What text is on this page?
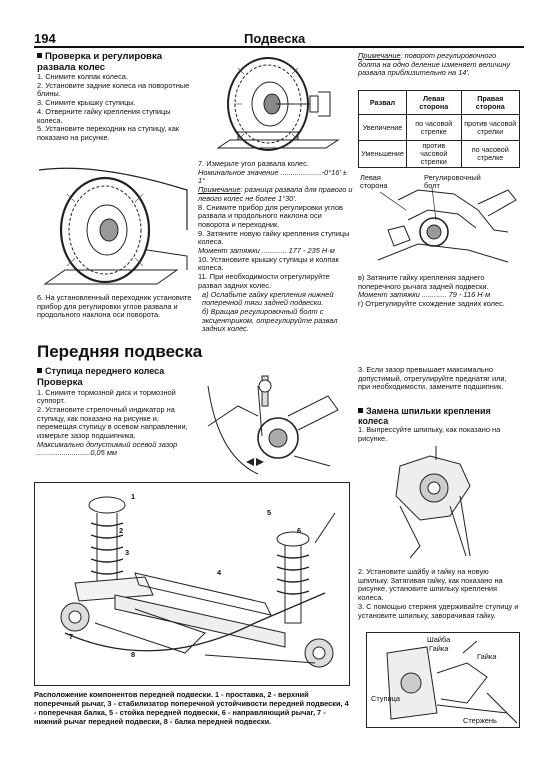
194	Подвеска
Проверка и регулировка развала колес
1. Снимите колпак колеса.
2. Установите задние колеса на поворотные блины.
3. Снимите крышку ступицы.
4. Отверните гайку крепления ступицы колеса.
5. Установите переходник на ступицу, как показано на рисунке.
6. На установленный переходник установите прибор для регулировки углов развала и продольного наклона оси поворота.
7. Измерьте угол развала колес.
Номинальное значение ....................-0°16' ± 1°
Примечание: разница развала для правого и левого колес не более 1°30'.
8. Снимите прибор для регулировки углов развала и продольного наклона оси поворота и переходник.
9. Затяните новую гайку крепления ступицы колеса.
Момент затяжки ............ 177 - 235 Н·м
10. Установите крышку ступицы и колпак колеса.
11. При необходимости отрегулируйте развал задних колес.
а) Ослабьте гайку крепления нижней поперечной тяги задней подвески.
б) Вращая регулировочный болт с эксцентриком, отрегулируйте развал задних колес.
Примечание: поворот регулировочного болта на одно деление изменяет величину развала приблизительно на 14'.
Развал	Левая сторона	Правая сторона
Увеличение	по часовой стрелке	против часовой стрелки
Уменьшение	против часовой стрелки	по часовой стрелке
Левая сторона
Регулировочный болт
в) Затяните гайку крепления заднего поперечного рычага задней подвески.
Момент затяжки ............ 79 - 116 Н·м
г) Отрегулируйте схождение задних колес.
Передняя подвеска
Ступица переднего колеса
Проверка
1. Снимите тормозной диск и тормозной суппорт.
2. Установите стрелочный индикатор на ступицу, как показано на рисунке и, перемещая ступицу в осевом направлении, измерьте зазор подшипника.
Максимально допустимый осевой зазор ..........................0,05 мм
3. Если зазор превышает максимально допустимый, отрегулируйте преднатяг или, при необходимости, замените подшипник.
Замена шпильки крепления колеса
1. Выпрессуйте шпильку, как показано на рисунке.
2. Установите шайбу и гайку на новую шпильку. Затягивая гайку, как показано на рисунке, установите шпильку крепления колеса.
3. С помощью стержня удерживайте ступицу и установите шпильку, заворачивая гайку.
Шайба
Гайка
Гайка
Ступица
Стержень
1
2
3
4
5
6
7
8
Расположение компонентов передней подвески. 1 - проставка, 2 - верхний поперечный рычаг, 3 - стабилизатор поперечной устойчивости передней подвески, 4 - поперечная балка, 5 - стойка передней подвески, 6 - направляющий рычаг, 7 - нижний рычаг передней подвески, 8 - балка передней подвески.
